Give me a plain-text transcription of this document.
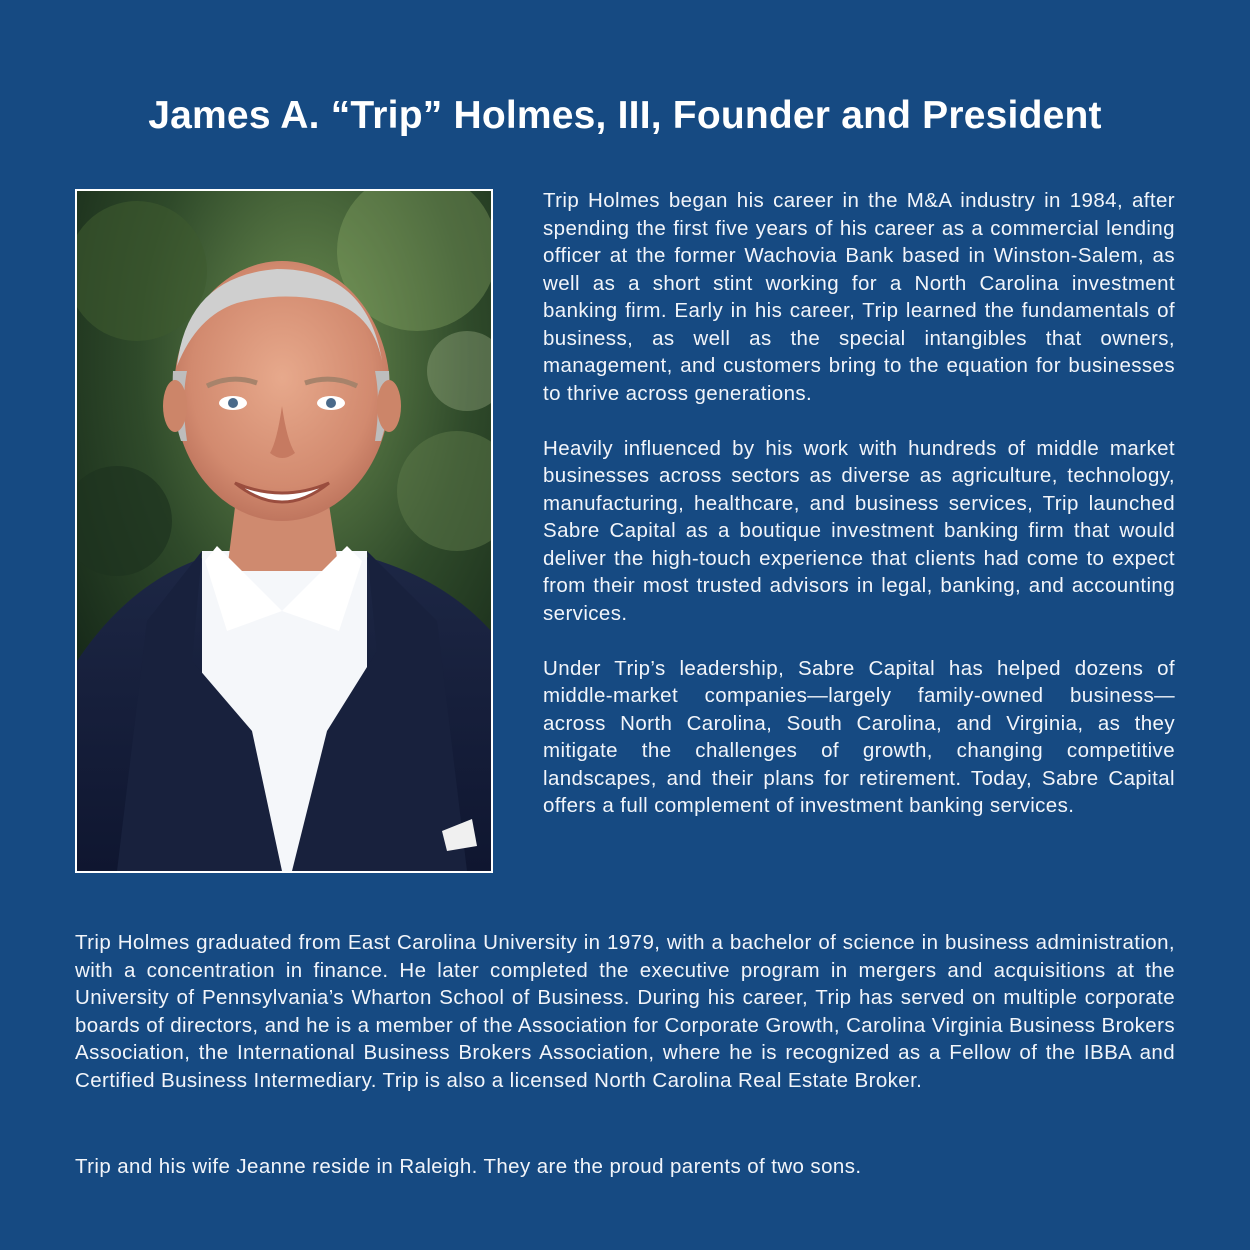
James A. “Trip” Holmes, III, Founder and President

Trip Holmes began his career in the M&A industry in 1984, after spending the first five years of his career as a commercial lending officer at the former Wachovia Bank based in Winston-Salem, as well as a short stint working for a North Carolina investment banking firm. Early in his career, Trip learned the fundamentals of business, as well as the special intangibles that owners, management, and customers bring to the equation for businesses to thrive across generations.

Heavily influenced by his work with hundreds of middle market businesses across sectors as diverse as agriculture, technology, manufacturing, healthcare, and business services, Trip launched Sabre Capital as a boutique investment banking firm that would deliver the high-touch experience that clients had come to expect from their most trusted advisors in legal, banking, and accounting services.

Under Trip’s leadership, Sabre Capital has helped dozens of middle-market companies—largely family-owned business—across North Carolina, South Carolina, and Virginia, as they mitigate the challenges of growth, changing competitive landscapes, and their plans for retirement. Today, Sabre Capital offers a full complement of investment banking services.

Trip Holmes graduated from East Carolina University in 1979, with a bachelor of science in business administration, with a concentration in finance. He later completed the executive program in mergers and acquisitions at the University of Pennsylvania’s Wharton School of Business. During his career, Trip has served on multiple corporate boards of directors, and he is a member of the Association for Corporate Growth, Carolina Virginia Business Brokers Association, the International Business Brokers Association, where he is recognized as a Fellow of the IBBA and Certified Business Intermediary. Trip is also a licensed North Carolina Real Estate Broker.

Trip and his wife Jeanne reside in Raleigh. They are the proud parents of two sons.
